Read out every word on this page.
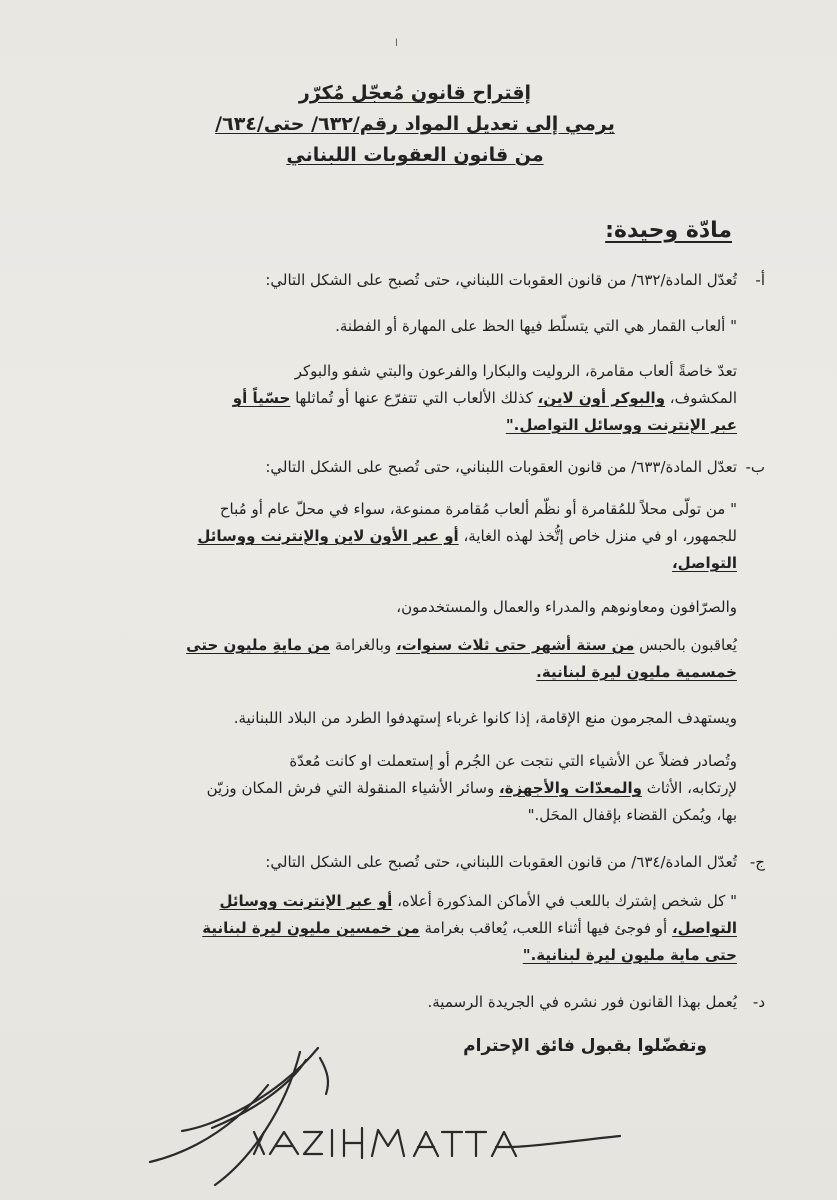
ا
إقتراح قانون مُعجّل مُكرّر
يرمي إلى تعديل المواد رقم/٦٣٢/ حتى/٦٣٤/
من قانون العقوبات اللبناني
مادّة وحيدة:
أ-
تُعدّل المادة/٦٣٢/ من قانون العقوبات اللبناني، حتى تُصبح على الشكل التالي:
" ألعاب القمار هي التي يتسلّط فيها الحظ على المهارة أو الفطنة.
تعدّ خاصةً ألعاب مقامرة، الروليت والبكارا والفرعون والبتي شفو والبوكر
المكشوف، والبوكر أون لاين، كذلك الألعاب التي تتفرّع عنها أو تُماثلها حسّياً أو
عبر الإنترنت ووسائل التواصل."
ب-
تعدّل المادة/٦٣٣/ من قانون العقوبات اللبناني، حتى تُصبح على الشكل التالي:
" من تولّى محلاً للمُقامرة أو نظّم ألعاب مُقامرة ممنوعة، سواء في محلّ عام أو مُباح
للجمهور، او في منزل خاص إتُّخذ لهذه الغاية، أو عبر الأون لاين والإنترنت ووسائل
التواصل،
والصرّافون ومعاونوهم والمدراء والعمال والمستخدمون،
يُعاقبون بالحبس من ستة أشهر حتى ثلاث سنوات، وبالغرامة من مايةِ مليون حتى
خمسمية مليون ليرة لبنانية.
ويستهدف المجرمون منع الإقامة، إذا كانوا غرباء إستهدفوا الطرد من البلاد اللبنانية.
وتُصادر فضلاً عن الأشياء التي نتجت عن الجُرم أو إستعملت او كانت مُعدّة
لإرتكابه، الأثاث والمعدّات والأجهزة، وسائر الأشياء المنقولة التي فرش المكان وزيّن
بها، ويُمكن القضاء بإقفال المحَل."
ج-
تُعدّل المادة/٦٣٤/ من قانون العقوبات اللبناني، حتى تُصبح على الشكل التالي:
" كل شخص إشترك باللعب في الأماكن المذكورة أعلاه، أو عبر الإنترنت ووسائل
التواصل، أو فوجئ فيها أثناء اللعب، يُعاقب بغرامة من خمسين مليون ليرة لبنانية
حتى ماية مليون ليرة لبنانية."
د-
يُعمل بهذا القانون فور نشره في الجريدة الرسمية.
وتفضّلوا بقبول فائق الإحترام
